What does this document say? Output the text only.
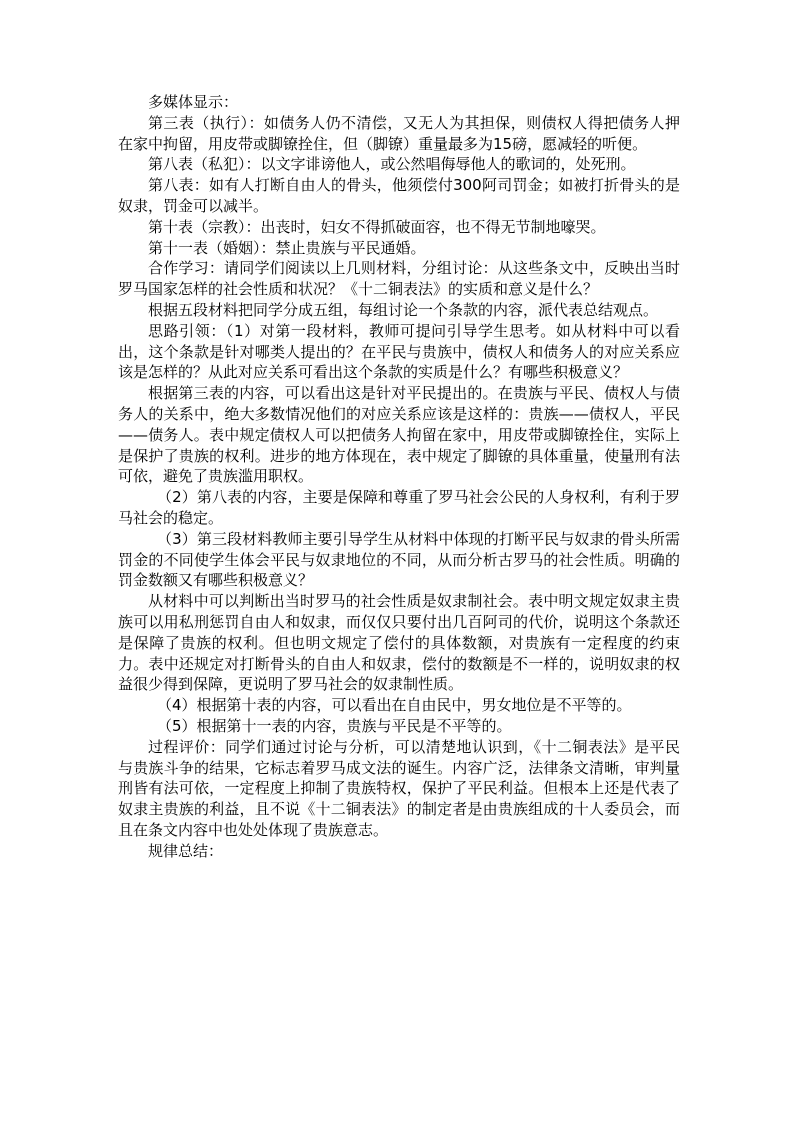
多媒体显示：

第三表（执行）：如债务人仍不清偿，又无人为其担保，则债权人得把债务人押在家中拘留，用皮带或脚镣拴住，但（脚镣）重量最多为15磅，愿减轻的听便。

第八表（私犯）：以文字诽谤他人，或公然唱侮辱他人的歌词的，处死刑。

第八表：如有人打断自由人的骨头，他须偿付300阿司罚金；如被打折骨头的是奴隶，罚金可以减半。

第十表（宗教）：出丧时，妇女不得抓破面容，也不得无节制地嚎哭。

第十一表（婚姻）：禁止贵族与平民通婚。

合作学习：请同学们阅读以上几则材料，分组讨论：从这些条文中，反映出当时罗马国家怎样的社会性质和状况？《十二铜表法》的实质和意义是什么？

根据五段材料把同学分成五组，每组讨论一个条款的内容，派代表总结观点。

思路引领：（1）对第一段材料，教师可提问引导学生思考。如从材料中可以看出，这个条款是针对哪类人提出的？在平民与贵族中，债权人和债务人的对应关系应该是怎样的？从此对应关系可看出这个条款的实质是什么？有哪些积极意义？

根据第三表的内容，可以看出这是针对平民提出的。在贵族与平民、债权人与债务人的关系中，绝大多数情况他们的对应关系应该是这样的：贵族——债权人，平民——债务人。表中规定债权人可以把债务人拘留在家中，用皮带或脚镣拴住，实际上是保护了贵族的权利。进步的地方体现在，表中规定了脚镣的具体重量，使量刑有法可依，避免了贵族滥用职权。

（2）第八表的内容，主要是保障和尊重了罗马社会公民的人身权利，有利于罗马社会的稳定。

（3）第三段材料教师主要引导学生从材料中体现的打断平民与奴隶的骨头所需罚金的不同使学生体会平民与奴隶地位的不同，从而分析古罗马的社会性质。明确的罚金数额又有哪些积极意义？

从材料中可以判断出当时罗马的社会性质是奴隶制社会。表中明文规定奴隶主贵族可以用私刑惩罚自由人和奴隶，而仅仅只要付出几百阿司的代价，说明这个条款还是保障了贵族的权利。但也明文规定了偿付的具体数额，对贵族有一定程度的约束力。表中还规定对打断骨头的自由人和奴隶，偿付的数额是不一样的，说明奴隶的权益很少得到保障，更说明了罗马社会的奴隶制性质。

（4）根据第十表的内容，可以看出在自由民中，男女地位是不平等的。

（5）根据第十一表的内容，贵族与平民是不平等的。

过程评价：同学们通过讨论与分析，可以清楚地认识到，《十二铜表法》是平民与贵族斗争的结果，它标志着罗马成文法的诞生。内容广泛，法律条文清晰，审判量刑皆有法可依，一定程度上抑制了贵族特权，保护了平民利益。但根本上还是代表了奴隶主贵族的利益，且不说《十二铜表法》的制定者是由贵族组成的十人委员会，而且在条文内容中也处处体现了贵族意志。

规律总结：
